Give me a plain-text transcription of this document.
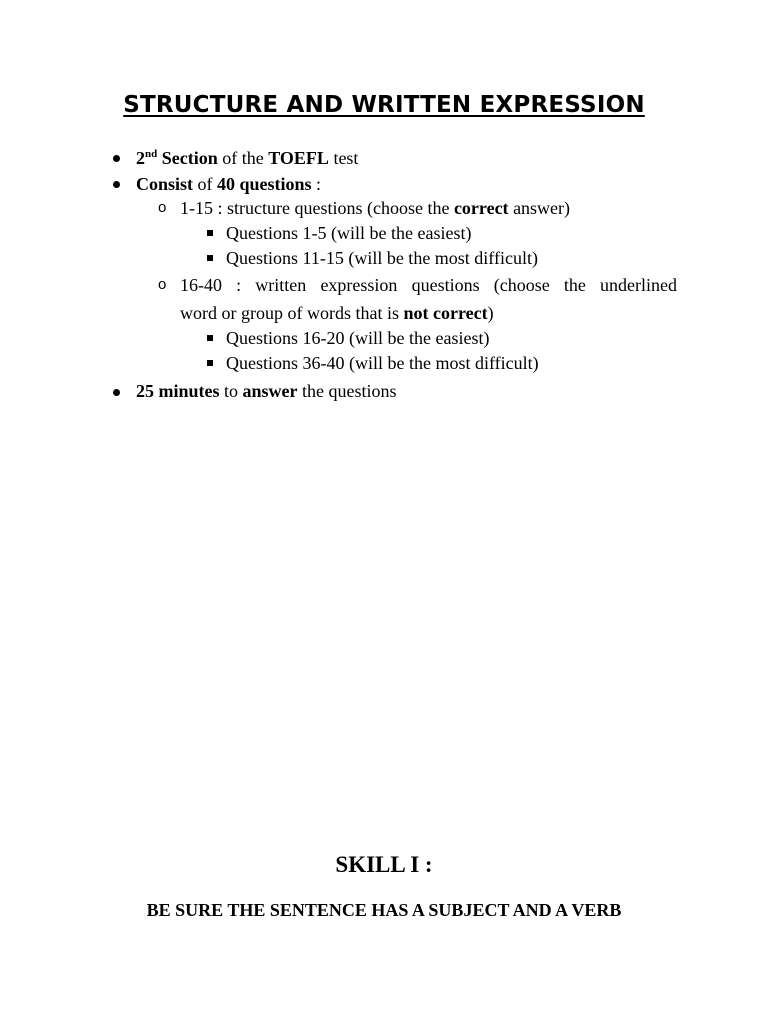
STRUCTURE AND WRITTEN EXPRESSION
2nd Section of the TOEFL test
Consist of 40 questions :
o 1-15 : structure questions (choose the correct answer)
Questions 1-5 (will be the easiest)
Questions 11-15 (will be the most difficult)
o 16-40 : written expression questions (choose the underlined
word or group of words that is not correct)
Questions 16-20 (will be the easiest)
Questions 36-40 (will be the most difficult)
25 minutes to answer the questions
SKILL I :

BE SURE THE SENTENCE HAS A SUBJECT AND A VERB
